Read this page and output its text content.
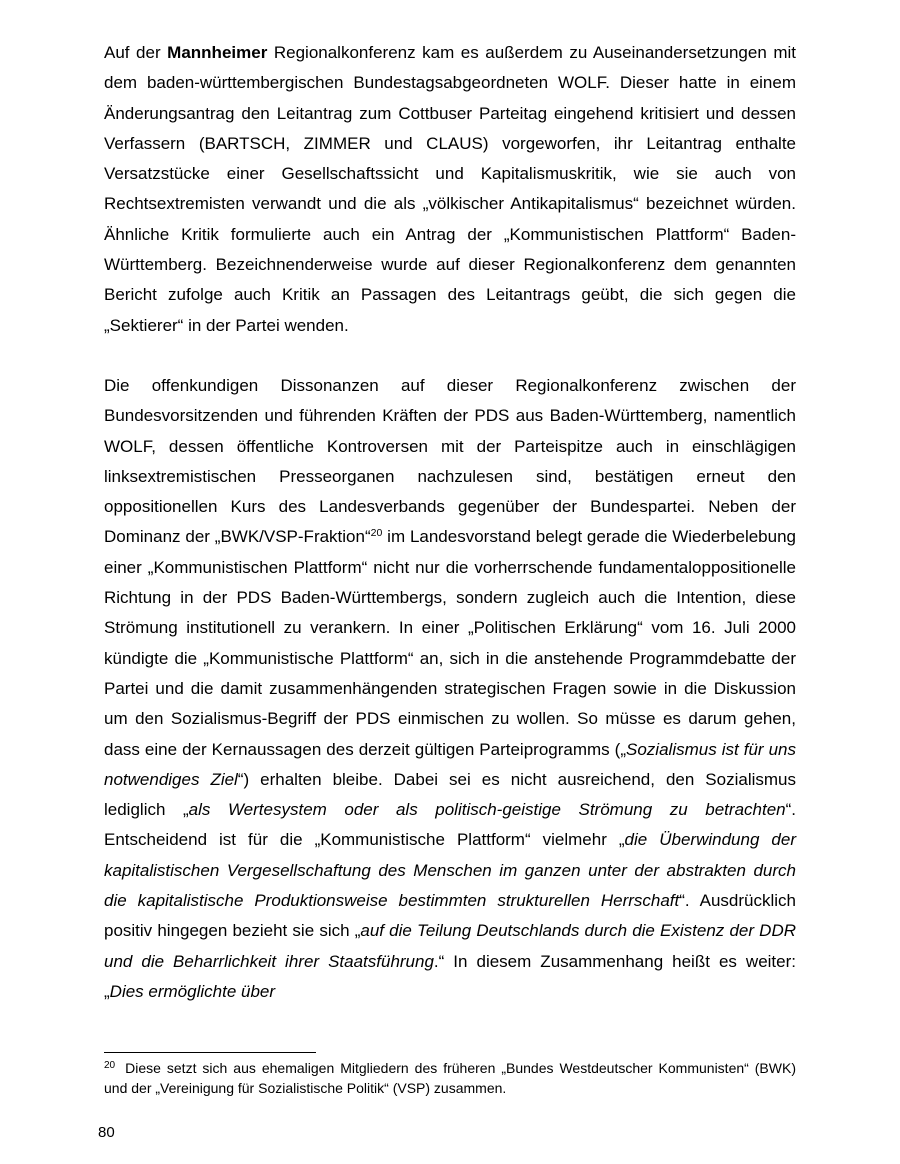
Auf der Mannheimer Regionalkonferenz kam es außerdem zu Auseinandersetzungen mit dem baden-württembergischen Bundestagsabgeordneten WOLF. Dieser hatte in einem Änderungsantrag den Leitantrag zum Cottbuser Parteitag eingehend kritisiert und dessen Verfassern (BARTSCH, ZIMMER und CLAUS) vorgeworfen, ihr Leitantrag enthalte Versatzstücke einer Gesellschaftssicht und Kapitalismuskritik, wie sie auch von Rechtsextremisten verwandt und die als „völkischer Antikapitalismus“ bezeichnet würden. Ähnliche Kritik formulierte auch ein Antrag der „Kommunistischen Plattform“ Baden-Württemberg. Bezeichnenderweise wurde auf dieser Regionalkonferenz dem genannten Bericht zufolge auch Kritik an Passagen des Leitantrags geübt, die sich gegen die „Sektierer“ in der Partei wenden.

Die offenkundigen Dissonanzen auf dieser Regionalkonferenz zwischen der Bundesvorsitzenden und führenden Kräften der PDS aus Baden-Württemberg, namentlich WOLF, dessen öffentliche Kontroversen mit der Parteispitze auch in einschlägigen linksextremistischen Presseorganen nachzulesen sind, bestätigen erneut den oppositionellen Kurs des Landesverbands gegenüber der Bundespartei. Neben der Dominanz der „BWK/VSP-Fraktion“$^{20}$ im Landesvorstand belegt gerade die Wiederbelebung einer „Kommunistischen Plattform“ nicht nur die vorherrschende fundamentaloppositionelle Richtung in der PDS Baden-Württembergs, sondern zugleich auch die Intention, diese Strömung institutionell zu verankern. In einer „Politischen Erklärung“ vom 16. Juli 2000 kündigte die „Kommunistische Plattform“ an, sich in die anstehende Programmdebatte der Partei und die damit zusammenhängenden strategischen Fragen sowie in die Diskussion um den Sozialismus-Begriff der PDS einmischen zu wollen. So müsse es darum gehen, dass eine der Kernaussagen des derzeit gültigen Parteiprogramms („Sozialismus ist für uns notwendiges Ziel“) erhalten bleibe. Dabei sei es nicht ausreichend, den Sozialismus lediglich „als Wertesystem oder als politisch-geistige Strömung zu betrachten“. Entscheidend ist für die „Kommunistische Plattform“ vielmehr „die Überwindung der kapitalistischen Vergesellschaftung des Menschen im ganzen unter der abstrakten durch die kapitalistische Produktionsweise bestimmten strukturellen Herrschaft“. Ausdrücklich positiv hingegen bezieht sie sich „auf die Teilung Deutschlands durch die Existenz der DDR und die Beharrlichkeit ihrer Staatsführung.“ In diesem Zusammenhang heißt es weiter: „Dies ermöglichte über

$^{20}$ Diese setzt sich aus ehemaligen Mitgliedern des früheren „Bundes Westdeutscher Kommunisten“ (BWK) und der „Vereinigung für Sozialistische Politik“ (VSP) zusammen.

80
